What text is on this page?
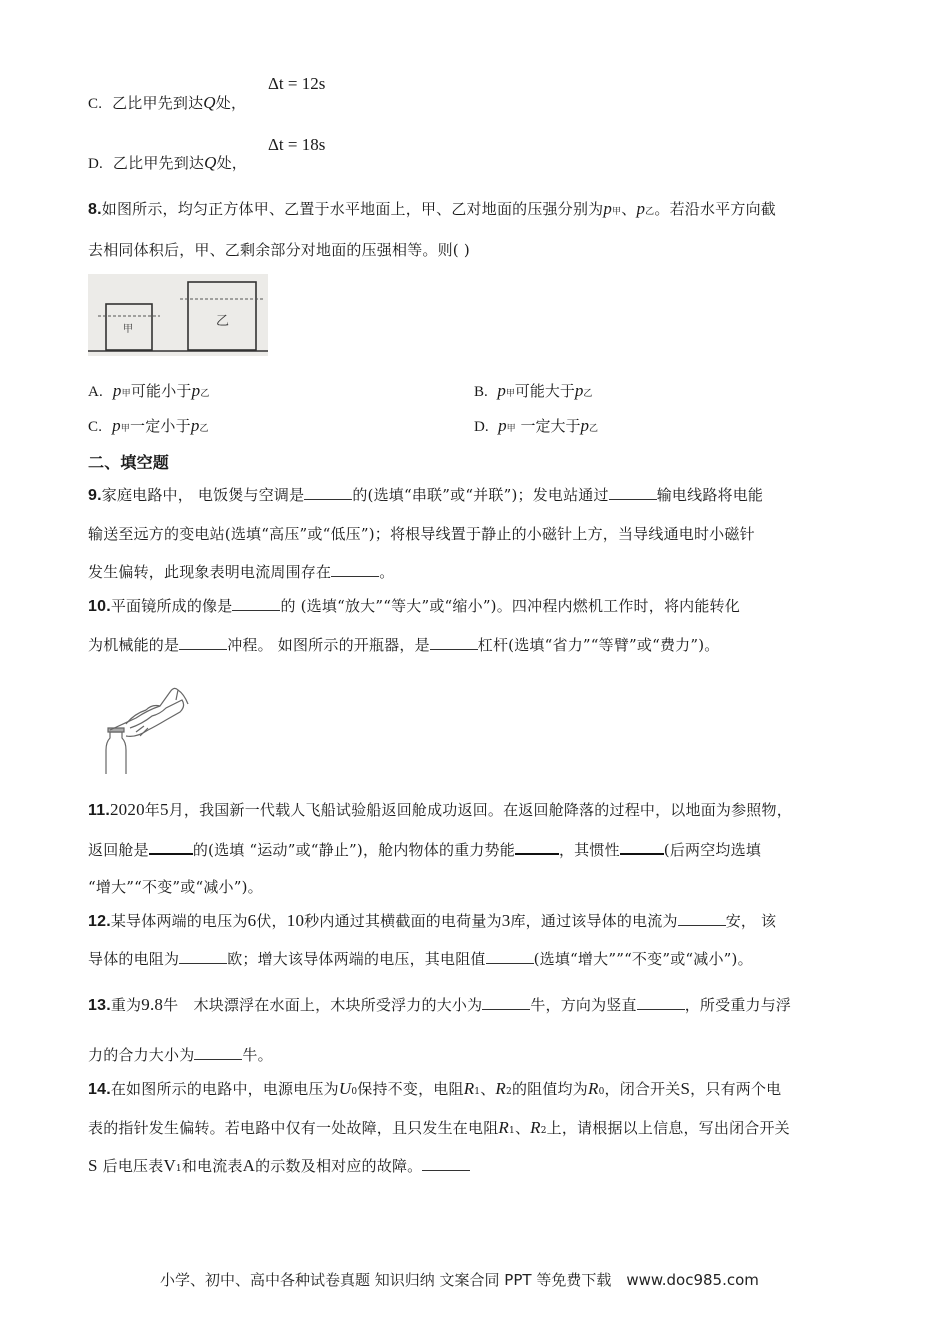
Δt = 12s
C. 乙比甲先到达Q处，
Δt = 18s
D. 乙比甲先到达Q处，
8.如图所示，均匀正方体甲、乙置于水平地面上，甲、乙对地面的压强分别为p甲、p乙。若沿水平方向截
去相同体积后，甲、乙剩余部分对地面的压强相等。则( )
甲
乙
A. p甲可能小于p乙	B. p甲可能大于p乙
C. p甲一定小于p乙	D. p甲 一定大于p乙
二、填空题
9.家庭电路中， 电饭煲与空调是	的(选填“串联”或“并联”)；发电站通过	输电线路将电能
输送至远方的变电站(选填“高压”或“低压”)；将根导线置于静止的小磁针上方，当导线通电时小磁针
发生偏转，此现象表明电流周围存在	。
10.平面镜所成的像是	的 (选填“放大”“等大”或“缩小”)。四冲程内燃机工作时，将内能转化
为机械能的是	冲程。 如图所示的开瓶器，是	杠杆(选填“省力”“等臂”或“费力”)。
11.2020年5月，我国新一代载人飞船试验船返回舱成功返回。在返回舱降落的过程中，以地面为参照物，
返回舱是	的(选填 “运动”或“静止”)，舱内物体的重力势能	，其惯性	(后两空均选填
“增大”“不变”或“减小”)。
12.某导体两端的电压为6伏，10秒内通过其横截面的电荷量为3库，通过该导体的电流为	安， 该
导体的电阻为	欧；增大该导体两端的电压，其电阻值	(选填“增大””“不变”或“减小”)。
13.重为9.8牛　木块漂浮在水面上，木块所受浮力的大小为	牛，方向为竖直	，所受重力与浮
力的合力大小为	牛。
14.在如图所示的电路中，电源电压为U0保持不变，电阻R1、R2的阻值均为R0，闭合开关S，只有两个电
表的指针发生偏转。若电路中仅有一处故障，且只发生在电阻R1、R2上，请根据以上信息，写出闭合开关
S 后电压表V1和电流表A的示数及相对应的故障。
小学、初中、高中各种试卷真题 知识归纳 文案合同 PPT 等免费下载　www.doc985.com
